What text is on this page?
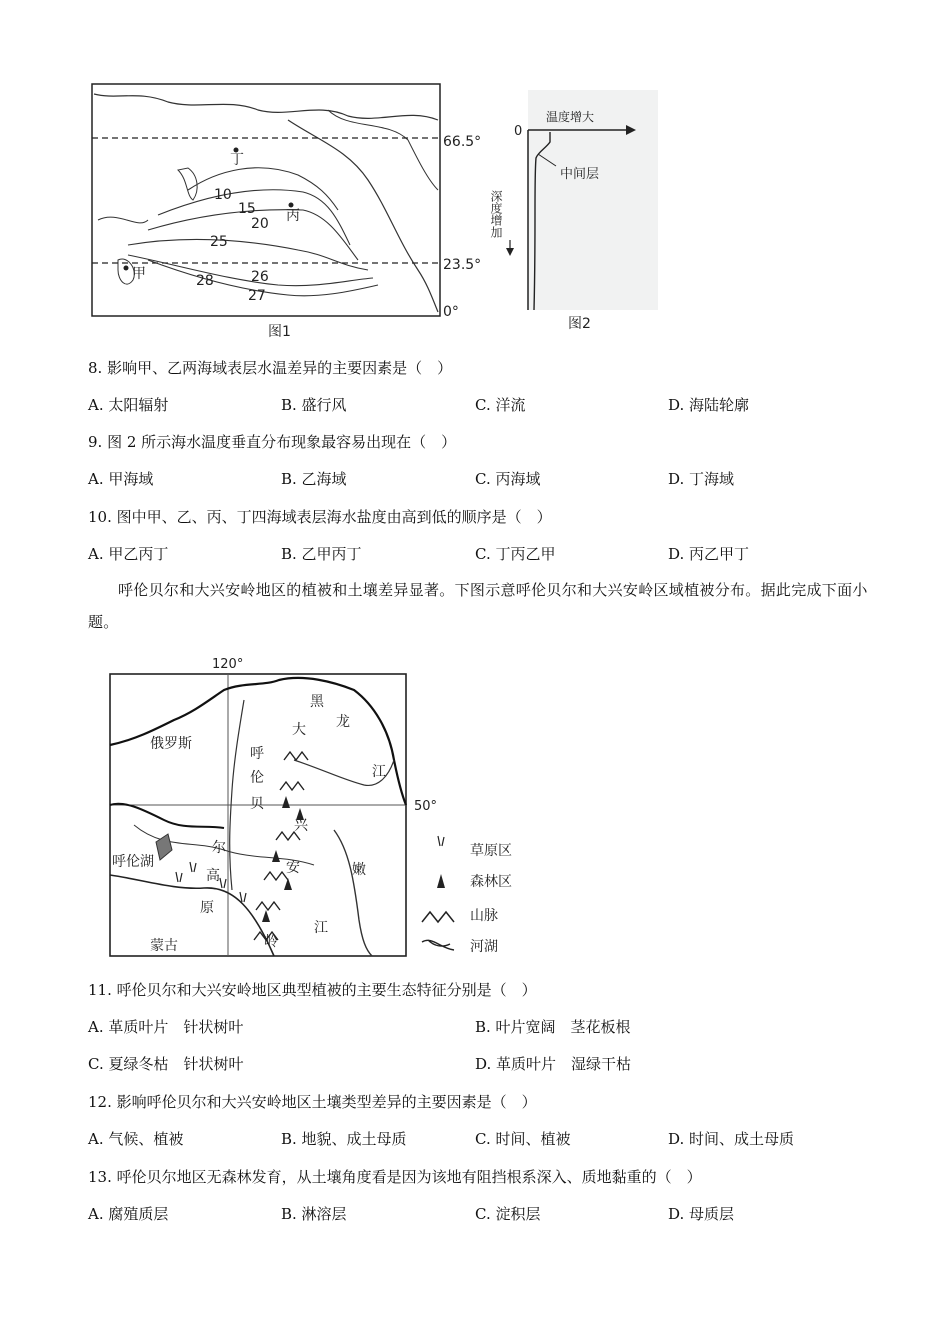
10
15
20
25
28	26
27
甲
丙
丁
66.5°
23.5°
0°
图1
温度增大
0
深度增加
中间层
图2
8. 影响甲、乙两海域表层水温差异的主要因素是（　）
A. 太阳辐射	B. 盛行风	C. 洋流	D. 海陆轮廓
9. 图 2 所示海水温度垂直分布现象最容易出现在（　）
A. 甲海域	B. 乙海域	C. 丙海域	D. 丁海域
10. 图中甲、乙、丙、丁四海域表层海水盐度由高到低的顺序是（　）
A. 甲乙丙丁	B. 乙甲丙丁	C. 丁丙乙甲	D. 丙乙甲丁
呼伦贝尔和大兴安岭地区的植被和土壤差异显著。下图示意呼伦贝尔和大兴安岭区域植被分布。据此完成下面小题。
120°
50°
俄罗斯
呼伦湖
蒙古
呼
伦
贝
尔
高
原
大
兴
安
岭
黑
龙
江
嫩
江
草原区
森林区
山脉
河湖
11. 呼伦贝尔和大兴安岭地区典型植被的主要生态特征分别是（　）
A. 革质叶片　针状树叶	B. 叶片宽阔　茎花板根
C. 夏绿冬枯　针状树叶	D. 革质叶片　湿绿干枯
12. 影响呼伦贝尔和大兴安岭地区土壤类型差异的主要因素是（　）
A. 气候、植被	B. 地貌、成土母质	C. 时间、植被	D. 时间、成土母质
13. 呼伦贝尔地区无森林发育，从土壤角度看是因为该地有阻挡根系深入、质地黏重的（　）
A. 腐殖质层	B. 淋溶层	C. 淀积层	D. 母质层
